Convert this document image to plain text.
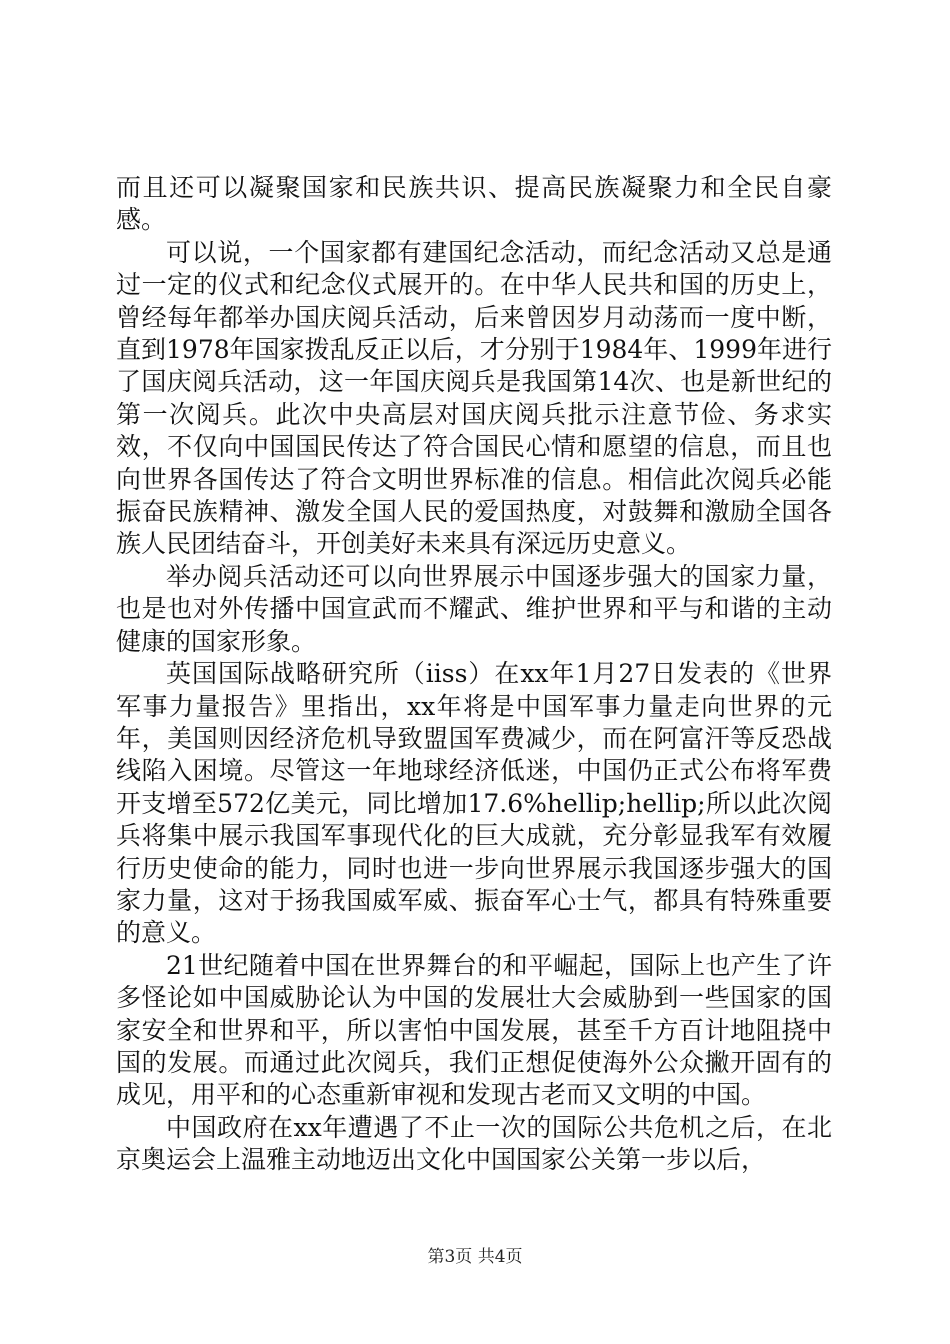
而且还可以凝聚国家和民族共识、提高民族凝聚力和全民自豪感。

可以说，一个国家都有建国纪念活动，而纪念活动又总是通过一定的仪式和纪念仪式展开的。在中华人民共和国的历史上，曾经每年都举办国庆阅兵活动，后来曾因岁月动荡而一度中断，直到1978年国家拨乱反正以后，才分别于1984年、1999年进行了国庆阅兵活动，这一年国庆阅兵是我国第14次、也是新世纪的第一次阅兵。此次中央高层对国庆阅兵批示注意节俭、务求实效，不仅向中国国民传达了符合国民心情和愿望的信息，而且也向世界各国传达了符合文明世界标准的信息。相信此次阅兵必能振奋民族精神、激发全国人民的爱国热度，对鼓舞和激励全国各族人民团结奋斗，开创美好未来具有深远历史意义。

举办阅兵活动还可以向世界展示中国逐步强大的国家力量，也是也对外传播中国宣武而不耀武、维护世界和平与和谐的主动健康的国家形象。

英国国际战略研究所（iiss）在xx年1月27日发表的《世界军事力量报告》里指出，xx年将是中国军事力量走向世界的元年，美国则因经济危机导致盟国军费减少，而在阿富汗等反恐战线陷入困境。尽管这一年地球经济低迷，中国仍正式公布将军费开支增至572亿美元，同比增加17.6%hellip;hellip;所以此次阅兵将集中展示我国军事现代化的巨大成就，充分彰显我军有效履行历史使命的能力，同时也进一步向世界展示我国逐步强大的国家力量，这对于扬我国威军威、振奋军心士气，都具有特殊重要的意义。

21世纪随着中国在世界舞台的和平崛起，国际上也产生了许多怪论如中国威胁论认为中国的发展壮大会威胁到一些国家的国家安全和世界和平，所以害怕中国发展，甚至千方百计地阻挠中国的发展。而通过此次阅兵，我们正想促使海外公众撇开固有的成见，用平和的心态重新审视和发现古老而又文明的中国。

中国政府在xx年遭遇了不止一次的国际公共危机之后，在北京奥运会上温雅主动地迈出文化中国国家公关第一步以后，

第3页 共4页
